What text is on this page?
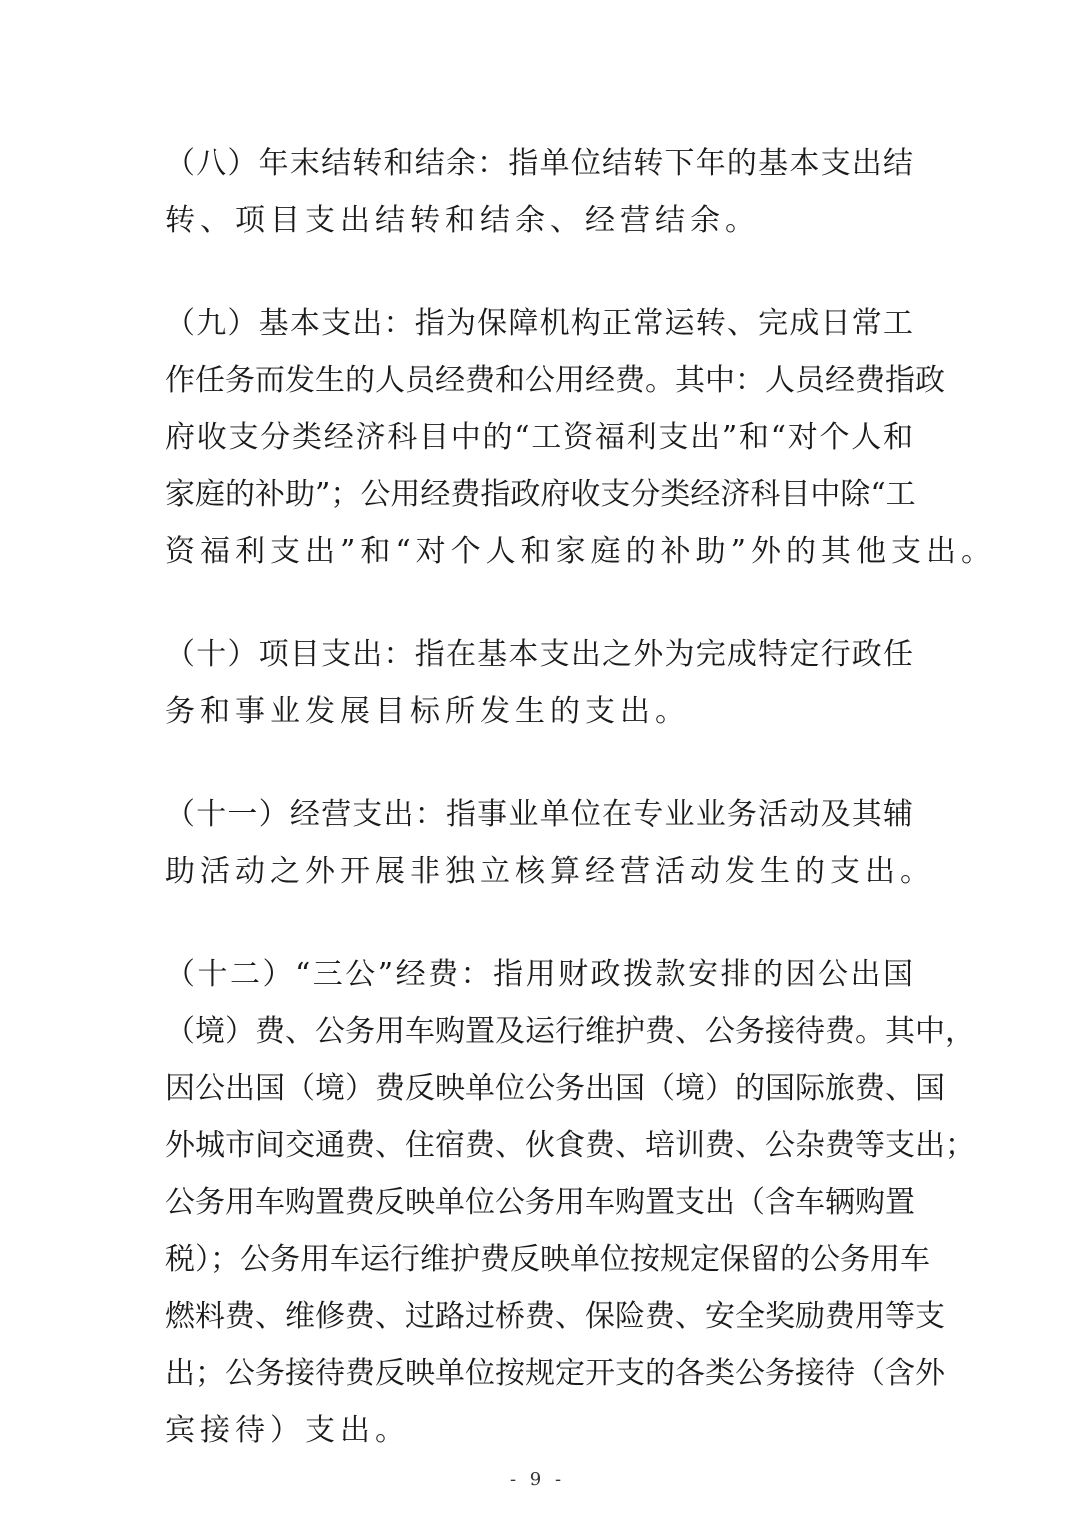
（八）年末结转和结余：指单位结转下年的基本支出结
转、项目支出结转和结余、经营结余。
（九）基本支出：指为保障机构正常运转、完成日常工
作任务而发生的人员经费和公用经费。其中：人员经费指政
府收支分类经济科目中的“工资福利支出”和“对个人和
家庭的补助”；公用经费指政府收支分类经济科目中除“工
资福利支出”和“对个人和家庭的补助”外的其他支出。
（十）项目支出：指在基本支出之外为完成特定行政任
务和事业发展目标所发生的支出。
（十一）经营支出：指事业单位在专业业务活动及其辅
助活动之外开展非独立核算经营活动发生的支出。
（十二）“三公”经费：指用财政拨款安排的因公出国
（境）费、公务用车购置及运行维护费、公务接待费。其中，
因公出国（境）费反映单位公务出国（境）的国际旅费、国
外城市间交通费、住宿费、伙食费、培训费、公杂费等支出；
公务用车购置费反映单位公务用车购置支出（含车辆购置
税）；公务用车运行维护费反映单位按规定保留的公务用车
燃料费、维修费、过路过桥费、保险费、安全奖励费用等支
出；公务接待费反映单位按规定开支的各类公务接待（含外
宾接待）支出。
- 9 -
